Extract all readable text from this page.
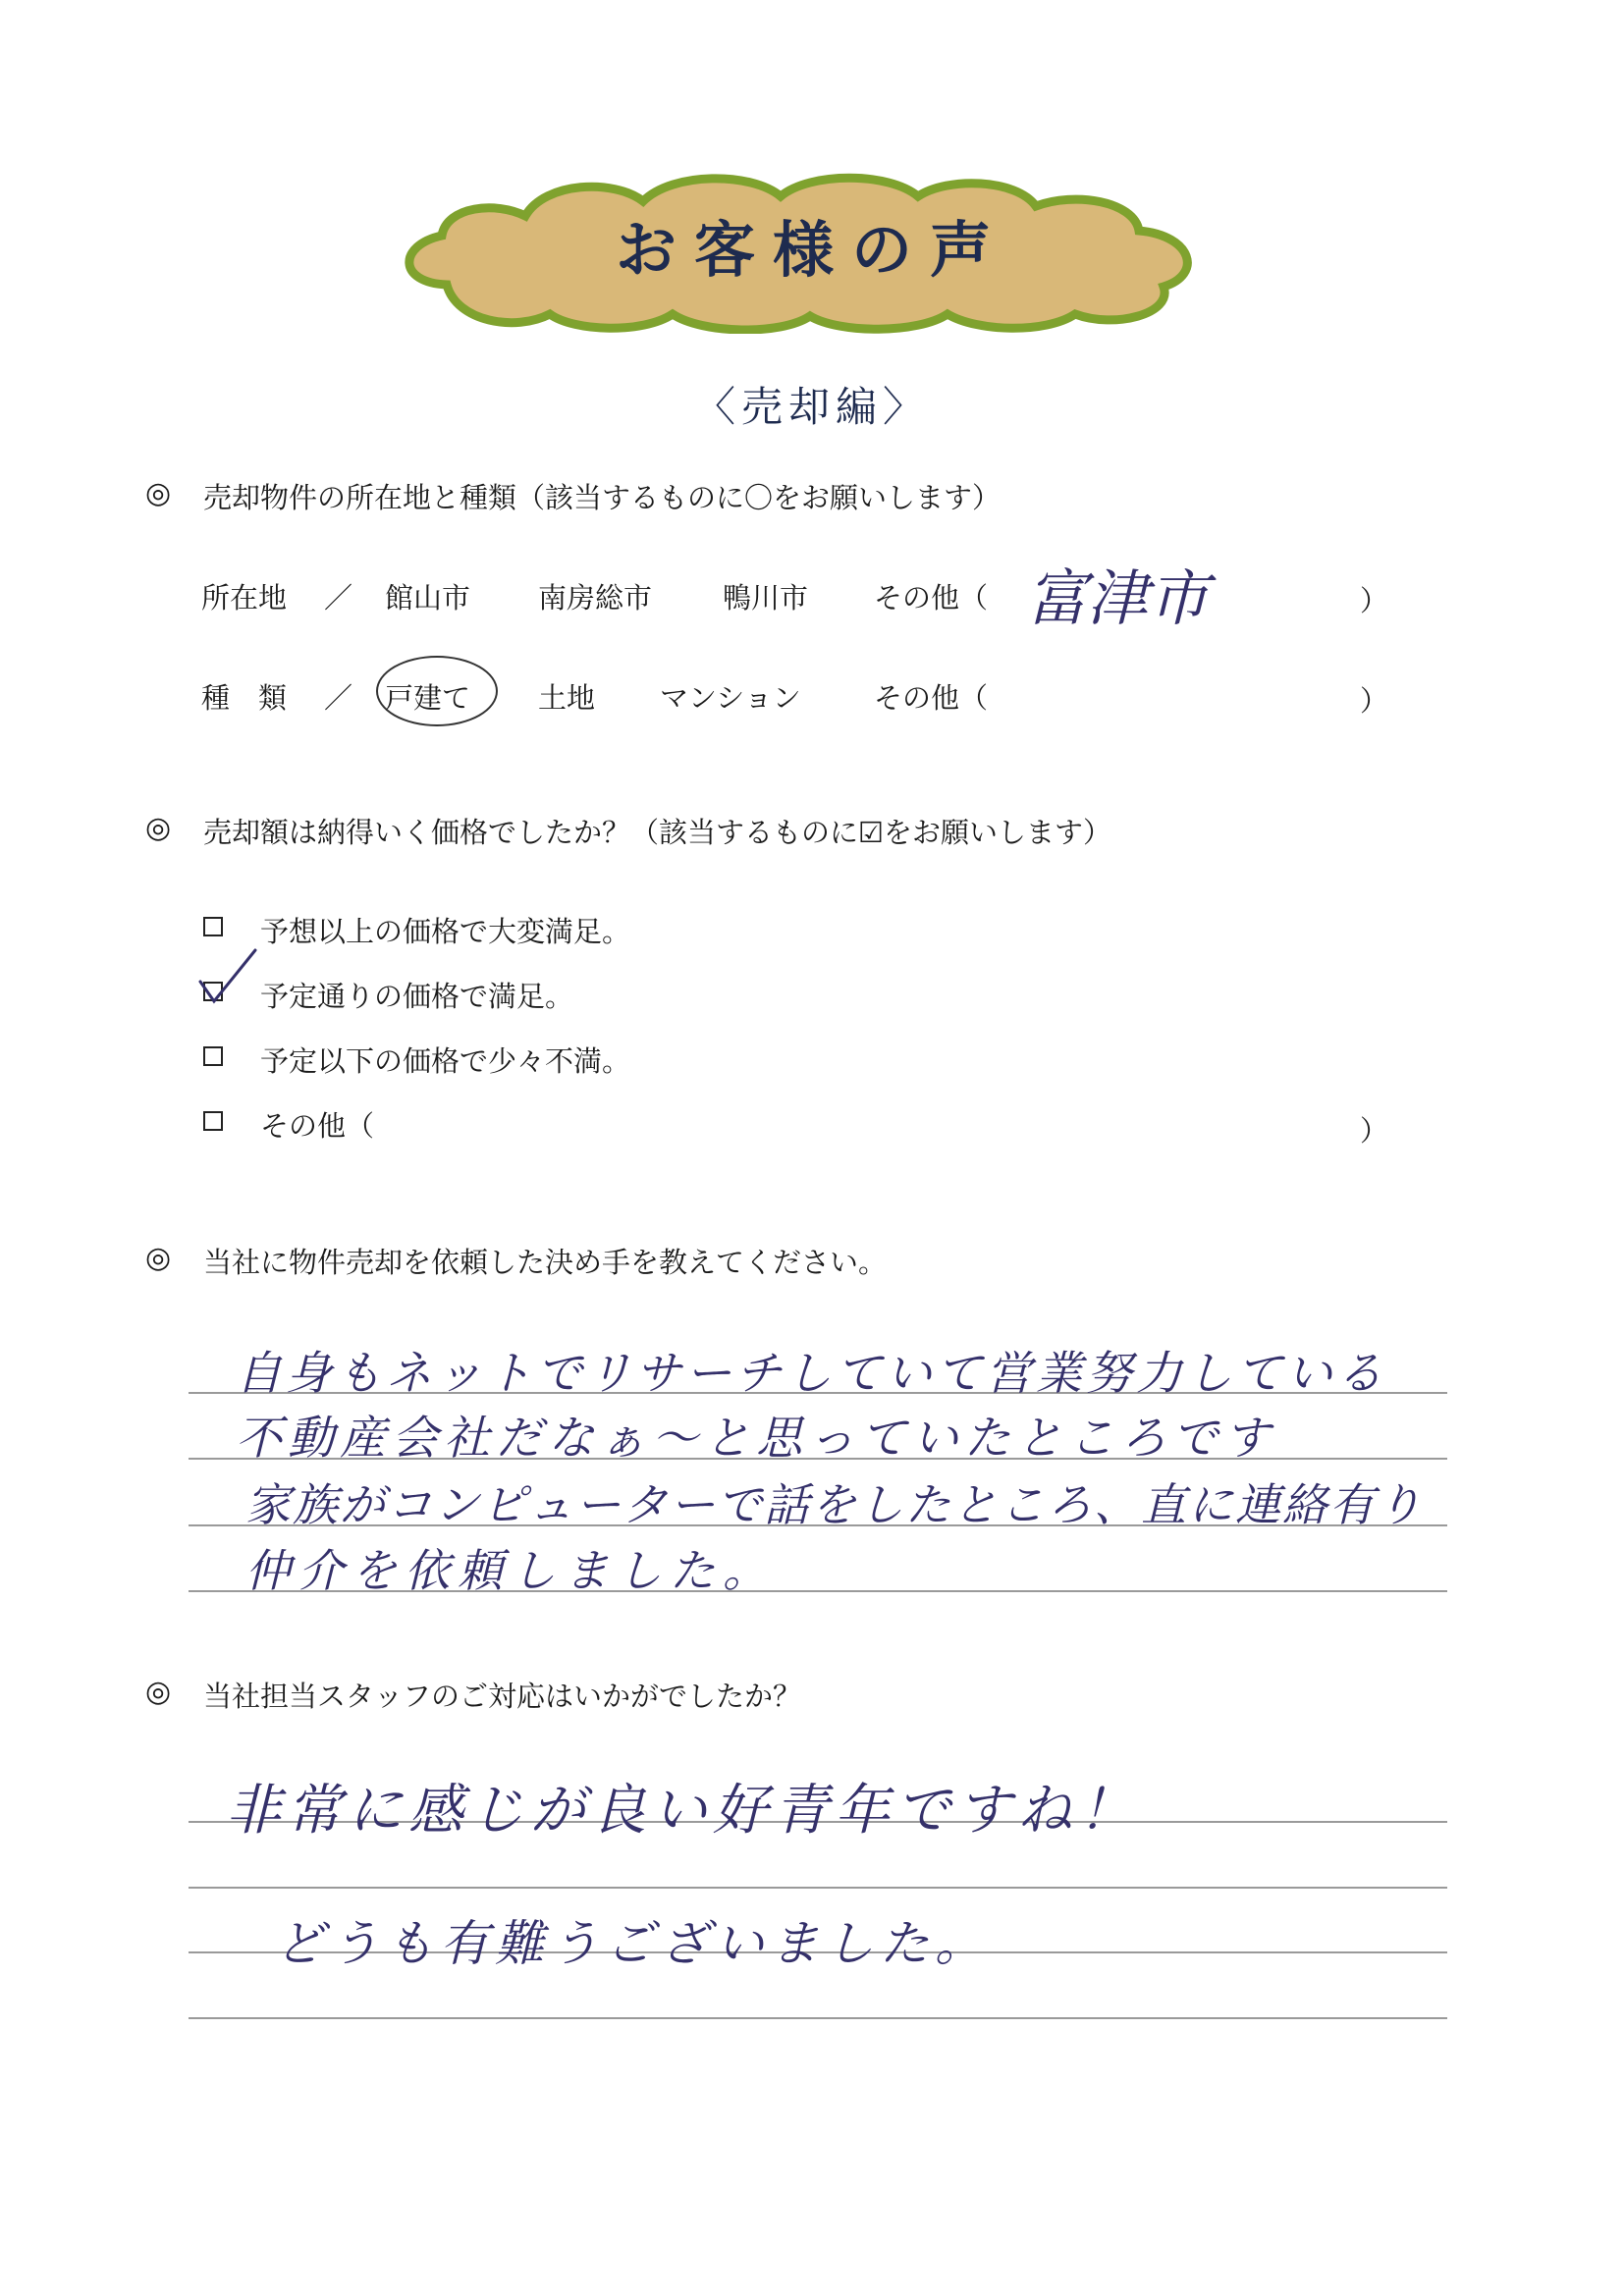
お客様の声
〈売却編〉
◎ 売却物件の所在地と種類（該当するものに〇をお願いします）
所在地 ／ 館山市 南房総市 鴨川市 その他（ 富津市	）
種　類 ／ 戸建て 土地 マンション	その他（	）
◎ 売却額は納得いく価格でしたか？（該当するものに☑をお願いします）
予想以上の価格で大変満足。
予定通りの価格で満足。
予定以下の価格で少々不満。
その他（	）
◎ 当社に物件売却を依頼した決め手を教えてください。
自身もネットでリサーチしていて営業努力している
不動産会社だなぁ〜と思っていたところです
家族がコンピューターで話をしたところ、直に連絡有り
仲介を依頼しました。
◎ 当社担当スタッフのご対応はいかがでしたか？
非常に感じが良い好青年ですね！
どうも有難うございました。
